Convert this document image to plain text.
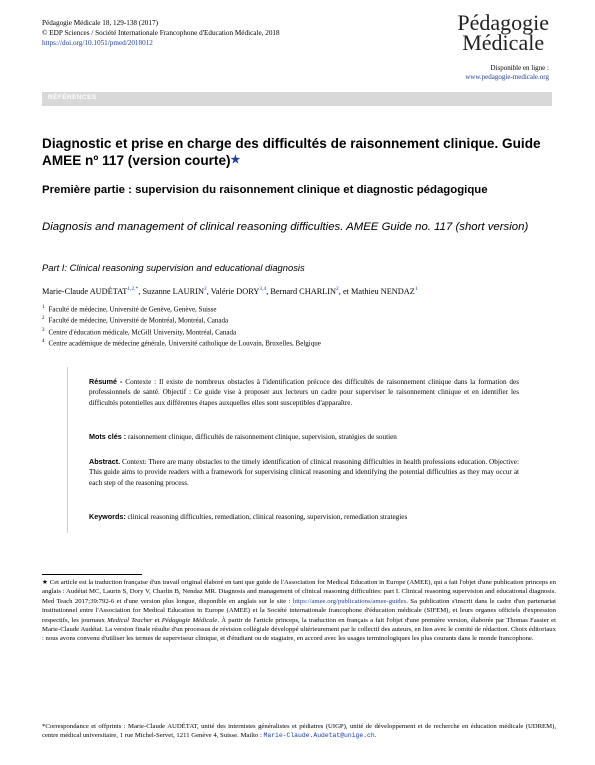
Pédagogie Médicale 18, 129-138 (2017)
© EDP Sciences / Société Internationale Francophone d'Education Médicale, 2018
https://doi.org/10.1051/pmed/2018012
Pédagogie
Médicale
Disponible en ligne :
www.pedagogie-medicale.org
RÉFÉRENCES
Diagnostic et prise en charge des difficultés de raisonnement clinique. Guide AMEE nº 117 (version courte)★
Première partie : supervision du raisonnement clinique et diagnostic pédagogique
Diagnosis and management of clinical reasoning difficulties. AMEE Guide no. 117 (short version)
Part I: Clinical reasoning supervision and educational diagnosis
Marie-Claude $AUDÉTAT^{1,2,*}$, Suzanne LAURIN$^2$, Valérie DORY$^{3,4}$, Bernard CHARLIN$^2$, et Mathieu NENDAZ$^1$
$^1$ Faculté de médecine, Université de Genève, Genève, Suisse
$^2$ Faculté de médecine, Université de Montréal, Montréal, Canada
$^3$ Centre d'éducation médicale, McGill University, Montréal, Canada
$^4$ Centre académique de médecine générale, Université catholique de Louvain, Bruxelles, Belgique
Résumé - Contexte : Il existe de nombreux obstacles à l'identification précoce des difficultés de raisonnement clinique dans la formation des professionnels de santé. Objectif : Ce guide vise à proposer aux lecteurs un cadre pour superviser le raisonnement clinique et en identifier les difficultés potentielles aux différentes étapes auxquelles elles sont susceptibles d'apparaître.
Mots clés : raisonnement clinique, difficultés de raisonnement clinique, supervision, stratégies de soutien
Abstract. Context: There are many obstacles to the timely identification of clinical reasoning difficulties in health professions education. Objective: This guide aims to provide readers with a framework for supervising clinical reasoning and identifying the potential difficulties as they may occur at each step of the reasoning process.
Keywords: clinical reasoning difficulties, remediation, clinical reasoning, supervision, remediation strategies
★ Cet article est la traduction française d'un travail original élaboré en tant que guide de l'Association for Medical Education in Europe (AMEE), qui a fait l'objet d'une publication princeps en anglais : Audétat MC, Laurin S, Dory V, Charlin B, Nendaz MR. Diagnosis and management of clinical reasoning difficulties: part I. Clinical reasoning supervision and educational diagnosis. Med Teach 2017;39:792-6 et d'une version plus longue, disponible en anglais sur le site : https://amee.org/publications/amee-guides. Sa publication s'inscrit dans le cadre d'un partenariat institutionnel entre l'Association for Medical Education in Europe (AMEE) et la Société internationale francophone d'éducation médicale (SIFEM), et leurs organes officiels d'expression respectifs, les journaux Medical Teacher et Pédagogie Médicale. À partir de l'article princeps, la traduction en français a fait l'objet d'une première version, élaborée par Thomas Fassier et Marie-Claude Audétat. La version finale résulte d'un processus de révision collégiale développé ultérieurement par le collectif des auteurs, en lien avec le comité de rédaction. Choix éditoriaux : nous avons convenu d'utiliser les termes de superviseur clinique, et d'étudiant ou de stagiaire, en accord avec les usages terminologiques les plus courants dans le monde francophone.
*Correspondance et offprints : Marie-Claude AUDÉTAT, unité des internistes généralistes et pédiatres (UIGP), unité de développement et de recherche en éducation médicale (UDREM), centre médical universitaire, 1 rue Michel-Servet, 1211 Genève 4, Suisse. Mailto : Marie-Claude.Audetat@unige.ch.
